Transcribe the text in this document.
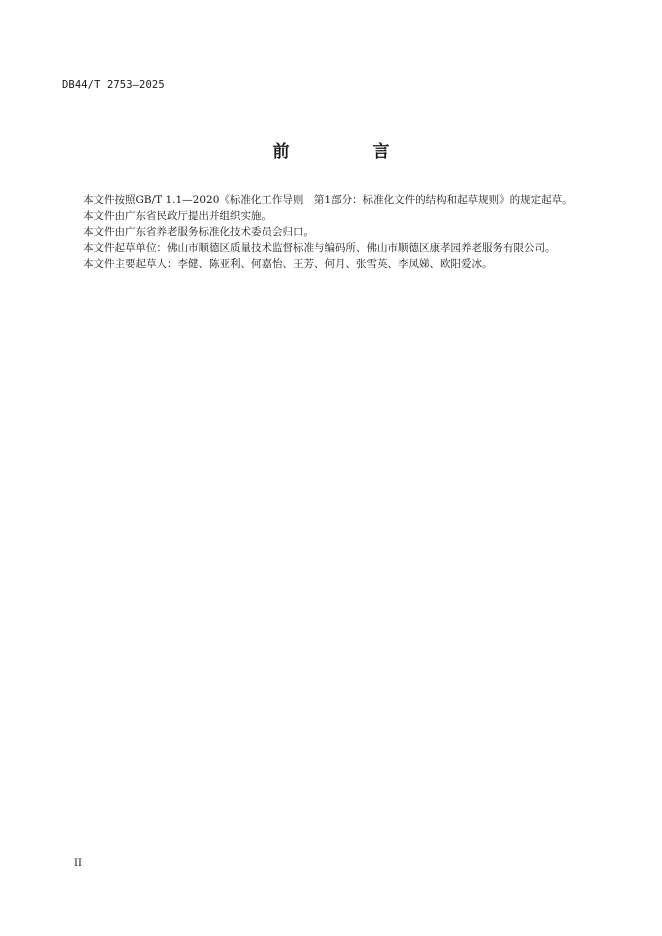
DB44/T 2753—2025
前　言

本文件按照GB/T 1.1—2020《标准化工作导则　第1部分：标准化文件的结构和起草规则》的规定起草。

本文件由广东省民政厅提出并组织实施。

本文件由广东省养老服务标准化技术委员会归口。

本文件起草单位：佛山市顺德区质量技术监督标准与编码所、佛山市顺德区康孝园养老服务有限公司。

本文件主要起草人：李健、陈亚利、何嘉怡、王芳、何月、张雪英、李凤娣、欧阳爱冰。

II
